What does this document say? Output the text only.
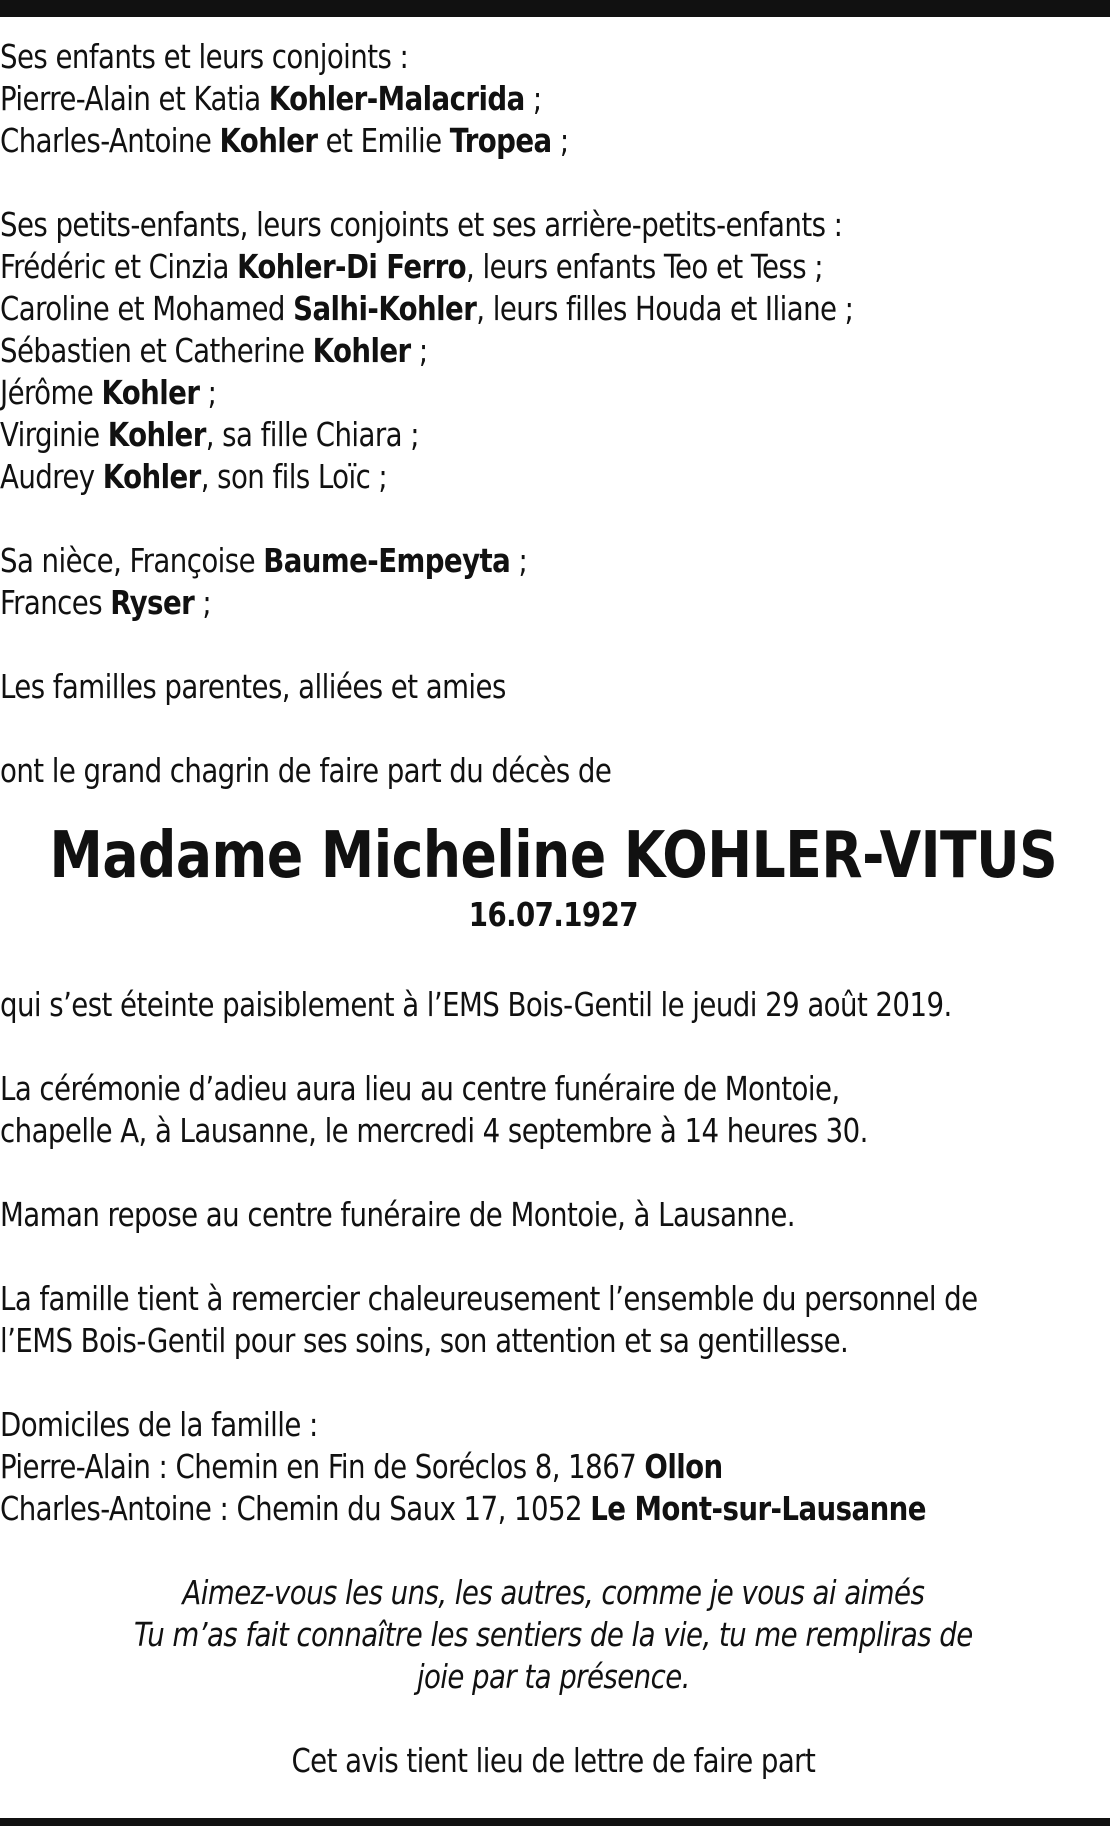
Ses enfants et leurs conjoints :
Pierre-Alain et Katia Kohler-Malacrida ;
Charles-Antoine Kohler et Emilie Tropea ;
Ses petits-enfants, leurs conjoints et ses arrière-petits-enfants :
Frédéric et Cinzia Kohler-Di Ferro, leurs enfants Teo et Tess ;
Caroline et Mohamed Salhi-Kohler, leurs filles Houda et Iliane ;
Sébastien et Catherine Kohler ;
Jérôme Kohler ;
Virginie Kohler, sa fille Chiara ;
Audrey Kohler, son fils Loïc ;
Sa nièce, Françoise Baume-Empeyta ;
Frances Ryser ;
Les familles parentes, alliées et amies
ont le grand chagrin de faire part du décès de
Madame Micheline KOHLER-VITUS
16.07.1927
qui s’est éteinte paisiblement à l’EMS Bois-Gentil le jeudi 29 août 2019.
La cérémonie d’adieu aura lieu au centre funéraire de Montoie,
chapelle A, à Lausanne, le mercredi 4 septembre à 14 heures 30.
Maman repose au centre funéraire de Montoie, à Lausanne.
La famille tient à remercier chaleureusement l’ensemble du personnel de
l’EMS Bois-Gentil pour ses soins, son attention et sa gentillesse.
Domiciles de la famille :
Pierre-Alain : Chemin en Fin de Soréclos 8, 1867 Ollon
Charles-Antoine : Chemin du Saux 17, 1052 Le Mont-sur-Lausanne
Aimez-vous les uns, les autres, comme je vous ai aimés
Tu m’as fait connaître les sentiers de la vie, tu me rempliras de
joie par ta présence.
Cet avis tient lieu de lettre de faire part
